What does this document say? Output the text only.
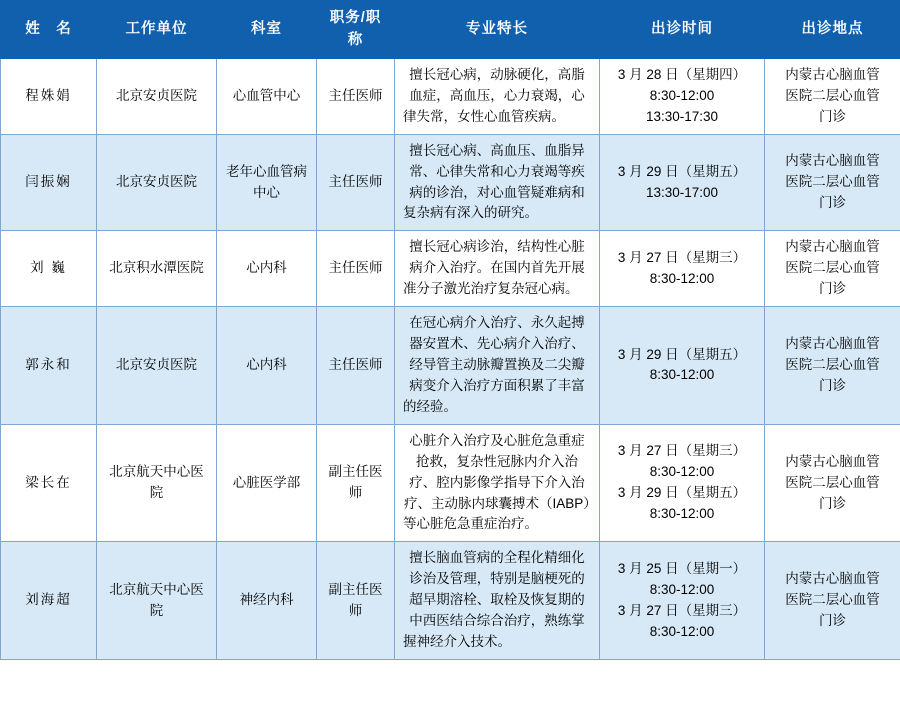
姓　名	工作单位	科室	职务/职称	专业特长	出诊时间	出诊地点
程姝娟	北京安贞医院	心血管中心	主任医师	擅长冠心病，动脉硬化，高脂血症，高血压，心力衰竭，心律失常，女性心血管疾病。	3 月 28 日（星期四）
8:30-12:00
13:30-17:30	内蒙古心脑血管
医院二层心血管
门诊

闫振娴	北京安贞医院	老年心血管病中心	主任医师	擅长冠心病、高血压、血脂异常、心律失常和心力衰竭等疾病的诊治，对心血管疑难病和复杂病有深入的研究。	3 月 29 日（星期五）
13:30-17:00	内蒙古心脑血管
医院二层心血管
门诊

刘 巍	北京积水潭医院	心内科	主任医师	擅长冠心病诊治，结构性心脏病介入治疗。在国内首先开展准分子激光治疗复杂冠心病。	3 月 27 日（星期三）
8:30-12:00	内蒙古心脑血管
医院二层心血管
门诊

郭永和	北京安贞医院	心内科	主任医师	在冠心病介入治疗、永久起搏器安置术、先心病介入治疗、经导管主动脉瓣置换及二尖瓣病变介入治疗方面积累了丰富的经验。	3 月 29 日（星期五）
8:30-12:00	内蒙古心脑血管
医院二层心血管
门诊

梁长在	北京航天中心医院	心脏医学部	副主任医师	心脏介入治疗及心脏危急重症抢救，复杂性冠脉内介入治疗、腔内影像学指导下介入治疗、主动脉内球囊搏术（IABP）等心脏危急重症治疗。	3 月 27 日（星期三）
8:30-12:00
3 月 29 日（星期五）
8:30-12:00	内蒙古心脑血管
医院二层心血管
门诊

刘海超	北京航天中心医院	神经内科	副主任医师	擅长脑血管病的全程化精细化诊治及管理，特别是脑梗死的超早期溶栓、取栓及恢复期的中西医结合综合治疗，熟练掌握神经介入技术。	3 月 25 日（星期一）
8:30-12:00
3 月 27 日（星期三）
8:30-12:00	内蒙古心脑血管
医院二层心血管
门诊
